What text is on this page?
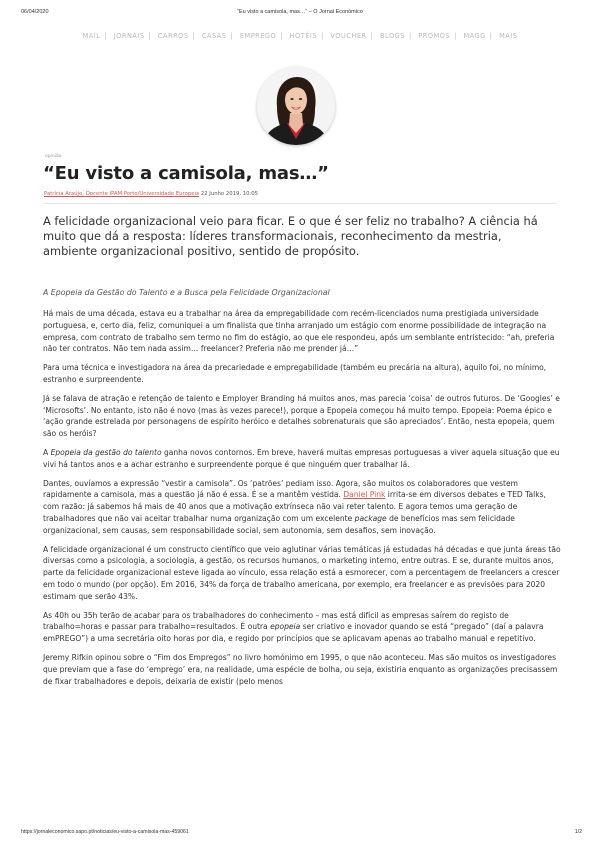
06/04/2020	“Eu visto a camisola, mas…” – O Jornal Económico
MAIL | JORNAIS | CARROS | CASAS | EMPREGO | HOTÉIS | VOUCHER | BLOGS | PROMOS | MAGG | MAIS
opinião
“Eu visto a camisola, mas…”
Patrícia Araújo, Docente IPAM Porto/Universidade Europeia 22 Junho 2019, 10:05

A felicidade organizacional veio para ficar. E o que é ser feliz no trabalho? A ciência há muito que dá a resposta: líderes transformacionais, reconhecimento da mestria, ambiente organizacional positivo, sentido de propósito.

A Epopeia da Gestão do Talento e a Busca pela Felicidade Organizacional

Há mais de uma década, estava eu a trabalhar na área da empregabilidade com recém-licenciados numa prestigiada universidade portuguesa, e, certo dia, feliz, comuniquei a um finalista que tinha arranjado um estágio com enorme possibilidade de integração na empresa, com contrato de trabalho sem termo no fim do estágio, ao que ele respondeu, após um semblante entristecido: “ah, preferia não ter contratos. Não tem nada assim… freelancer? Preferia não me prender já…”

Para uma técnica e investigadora na área da precariedade e empregabilidade (também eu precária na altura), aquilo foi, no mínimo, estranho e surpreendente.

Já se falava de atração e retenção de talento e Employer Branding há muitos anos, mas parecia ‘coisa’ de outros futuros. De ‘Googles’ e ‘Microsofts’. No entanto, isto não é novo (mas às vezes parece!), porque a Epopeia começou há muito tempo. Epopeia: Poema épico e ‘ação grande estrelada por personagens de espírito heróico e detalhes sobrenaturais que são apreciados’. Então, nesta epopeia, quem são os heróis?

A Epopeia da gestão do talento ganha novos contornos. Em breve, haverá muitas empresas portuguesas a viver aquela situação que eu vivi há tantos anos e a achar estranho e surpreendente porque é que ninguém quer trabalhar lá.

Dantes, ouvíamos a expressão “vestir a camisola”. Os ‘patrões’ pediam isso. Agora, são muitos os colaboradores que vestem rapidamente a camisola, mas a questão já não é essa. É se a mantêm vestida. Daniel Pink irrita-se em diversos debates e TED Talks, com razão: já sabemos há mais de 40 anos que a motivação extrínseca não vai reter talento. E agora temos uma geração de trabalhadores que não vai aceitar trabalhar numa organização com um excelente package de benefícios mas sem felicidade organizacional, sem causas, sem responsabilidade social, sem autonomia, sem desafios, sem inovação.

A felicidade organizacional é um constructo científico que veio aglutinar várias temáticas já estudadas há décadas e que junta áreas tão diversas como a psicologia, a sociologia, a gestão, os recursos humanos, o marketing interno, entre outras. E se, durante muitos anos, parte da felicidade organizacional esteve ligada ao vínculo, essa relação está a esmorecer, com a percentagem de freelancers a crescer em todo o mundo (por opção). Em 2016, 34% da força de trabalho americana, por exemplo, era freelancer e as previsões para 2020 estimam que serão 43%.

As 40h ou 35h terão de acabar para os trabalhadores do conhecimento – mas está difícil as empresas saírem do registo de trabalho=horas e passar para trabalho=resultados. É outra epopeia ser criativo e inovador quando se está “pregado” (daí a palavra emPREGO”) a uma secretária oito horas por dia, e regido por princípios que se aplicavam apenas ao trabalho manual e repetitivo.

Jeremy Rifkin opinou sobre o “Fim dos Empregos” no livro homónimo em 1995, o que não aconteceu. Mas são muitos os investigadores que previam que a fase do ‘emprego’ era, na realidade, uma espécie de bolha, ou seja, existiria enquanto as organizações precisassem de fixar trabalhadores e depois, deixaria de existir (pelo menos

https://jornaleconomico.sapo.pt/noticias/eu-visto-a-camisola-mas-459061	1/2
